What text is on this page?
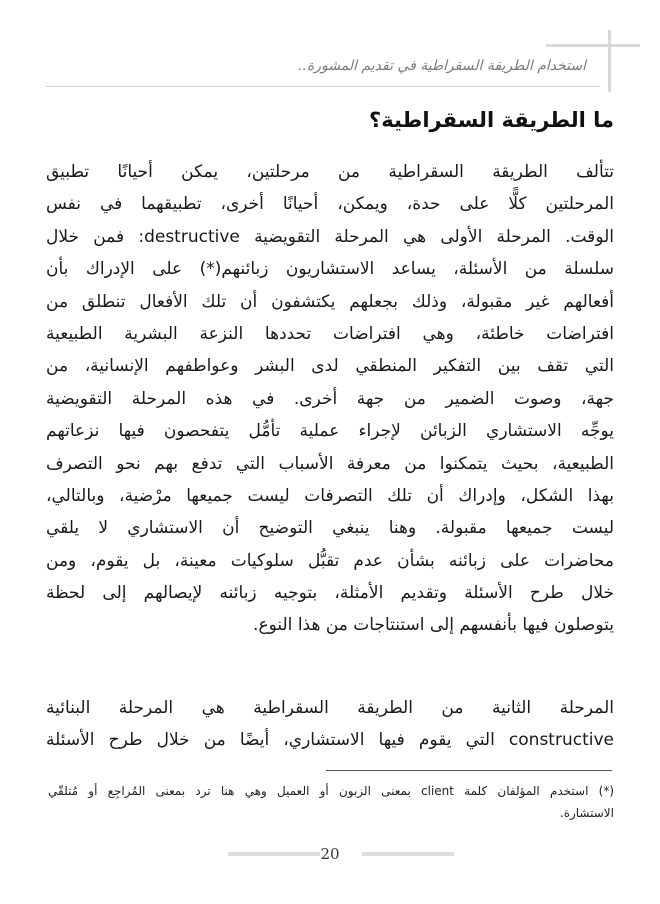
استخدام الطريقة السقراطية في تقديم المشورة..
ما الطريقة السقراطية؟
تتألف الطريقة السقراطية من مرحلتين، يمكن أحيانًا تطبيق
المرحلتين كلًّا على حدة، ويمكن، أحيانًا أخرى، تطبيقهما في نفس
الوقت. المرحلة الأولى هي المرحلة التقويضية destructive: فمن خلال
سلسلة من الأسئلة، يساعد الاستشاريون زبائنهم(*) على الإدراك بأن
أفعالهم غير مقبولة، وذلك بجعلهم يكتشفون أن تلك الأفعال تنطلق من
افتراضات خاطئة، وهي افتراضات تحددها النزعة البشرية الطبيعية
التي تقف بين التفكير المنطقي لدى البشر وعواطفهم الإنسانية، من
جهة، وصوت الضمير من جهة أخرى. في هذه المرحلة التقويضية
يوجِّه الاستشاري الزبائن لإجراء عملية تأمُّل يتفحصون فيها نزعاتهم
الطبيعية، بحيث يتمكنوا من معرفة الأسباب التي تدفع بهم نحو التصرف
بهذا الشكل، وإدراك أن تلك التصرفات ليست جميعها مرْضية، وبالتالي،
ليست جميعها مقبولة. وهنا ينبغي التوضيح أن الاستشاري لا يلقي
محاضرات على زبائنه بشأن عدم تقبُّل سلوكيات معينة، بل يقوم، ومن
خلال طرح الأسئلة وتقديم الأمثلة، بتوجيه زبائنه لإيصالهم إلى لحظة
يتوصلون فيها بأنفسهم إلى استنتاجات من هذا النوع.
المرحلة الثانية من الطريقة السقراطية هي المرحلة البنائية
constructive التي يقوم فيها الاستشاري، أيضًا من خلال طرح الأسئلة
(*) استخدم المؤلفان كلمة client بمعنى الزبون أو العميل وهي هنا ترد بمعنى المُراجِع أو مُتلقّي
الاستشارة.
20
